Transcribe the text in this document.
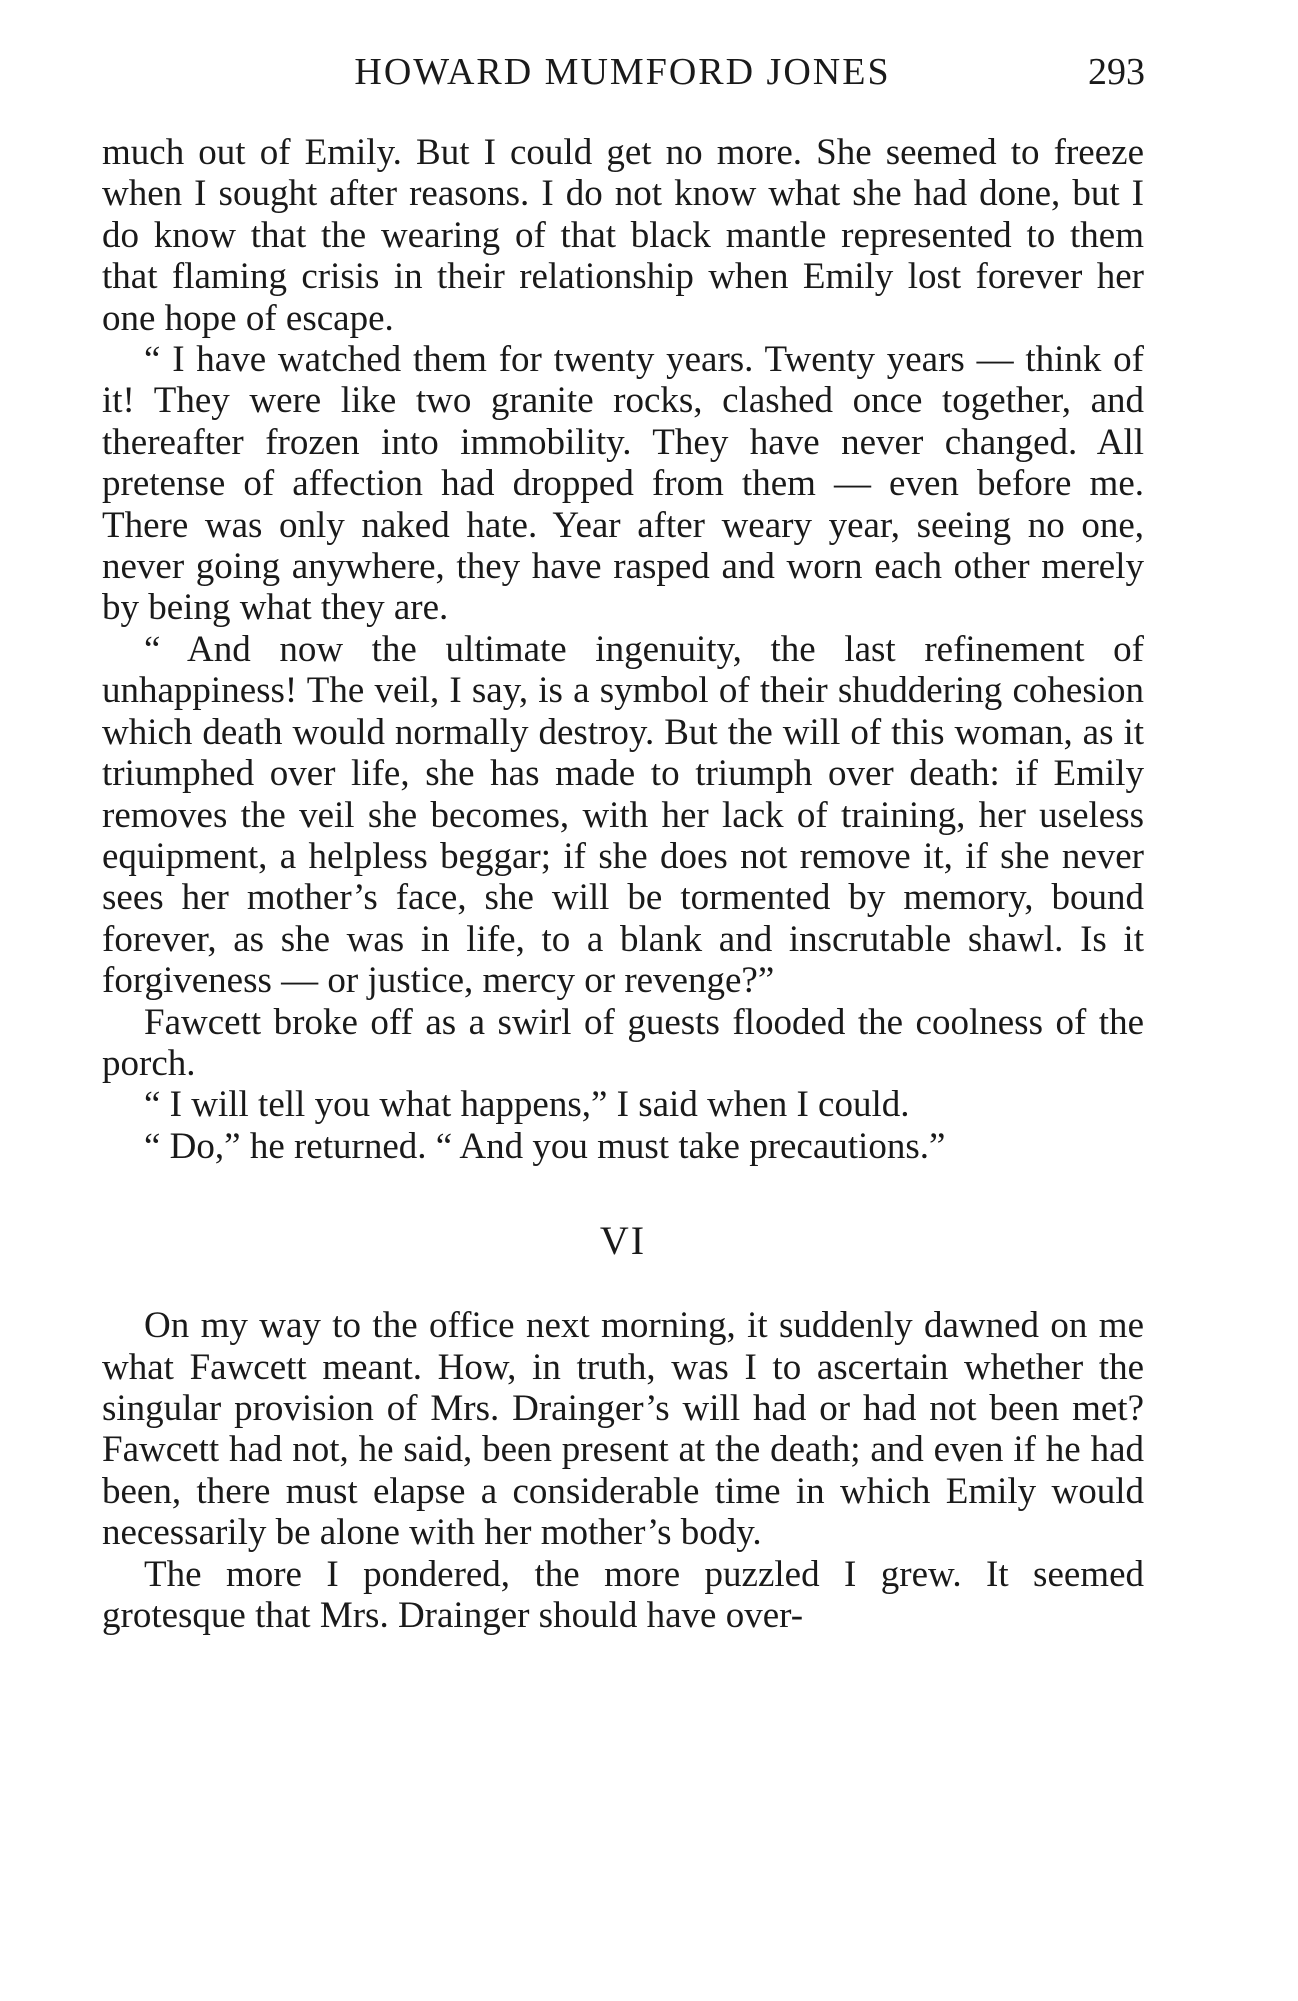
HOWARD MUMFORD JONES	293

much out of Emily. But I could get no more. She seemed to freeze when I sought after reasons. I do not know what she had done, but I do know that the wearing of that black mantle represented to them that flaming crisis in their relationship when Emily lost forever her one hope of escape.

“ I have watched them for twenty years. Twenty years — think of it! They were like two granite rocks, clashed once together, and thereafter frozen into immobility. They have never changed. All pretense of affection had dropped from them — even before me. There was only naked hate. Year after weary year, seeing no one, never going anywhere, they have rasped and worn each other merely by being what they are.

“ And now the ultimate ingenuity, the last refinement of unhappiness! The veil, I say, is a symbol of their shuddering cohesion which death would normally destroy. But the will of this woman, as it triumphed over life, she has made to triumph over death: if Emily removes the veil she becomes, with her lack of training, her useless equipment, a helpless beggar; if she does not remove it, if she never sees her mother’s face, she will be tormented by memory, bound forever, as she was in life, to a blank and inscrutable shawl. Is it forgiveness — or justice, mercy or revenge?”

Fawcett broke off as a swirl of guests flooded the coolness of the porch.

“ I will tell you what happens,” I said when I could.

“ Do,” he returned. “ And you must take precautions.”

VI

On my way to the office next morning, it suddenly dawned on me what Fawcett meant. How, in truth, was I to ascertain whether the singular provision of Mrs. Drainger’s will had or had not been met? Fawcett had not, he said, been present at the death; and even if he had been, there must elapse a considerable time in which Emily would necessarily be alone with her mother’s body.

The more I pondered, the more puzzled I grew. It seemed grotesque that Mrs. Drainger should have over-
